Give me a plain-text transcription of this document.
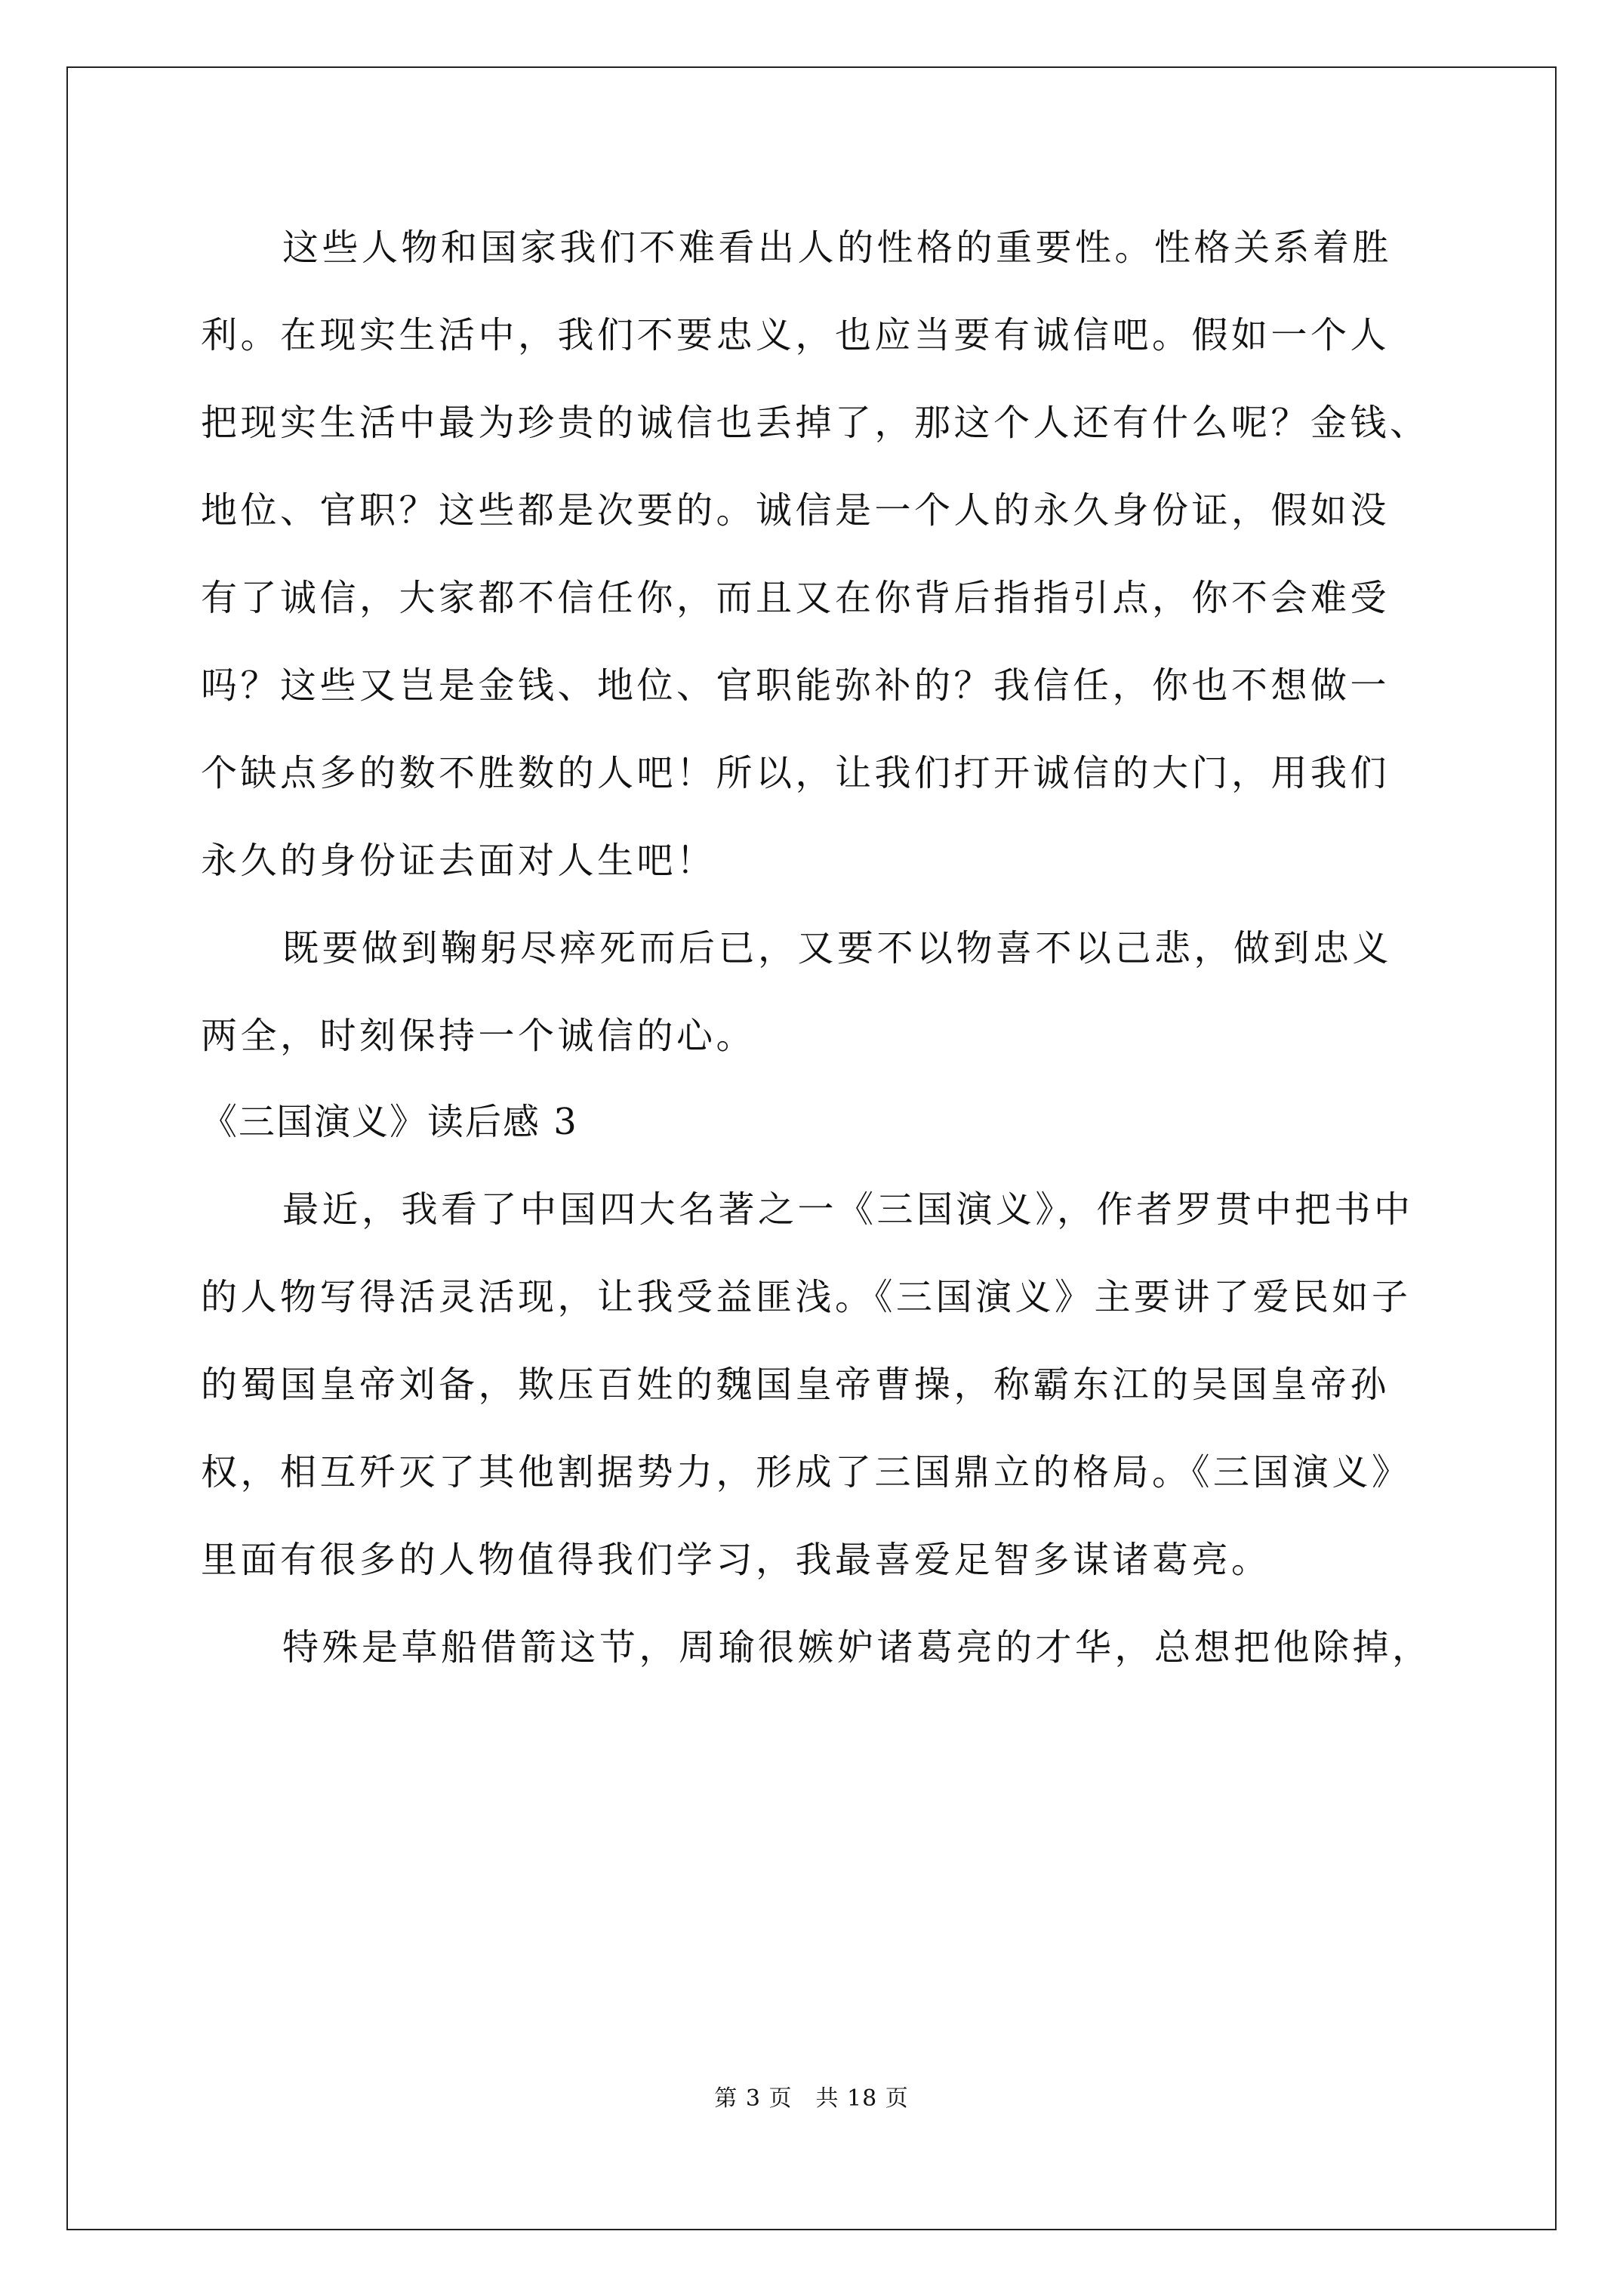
这些人物和国家我们不难看出人的性格的重要性。性格关系着胜
利。在现实生活中，我们不要忠义，也应当要有诚信吧。假如一个人
把现实生活中最为珍贵的诚信也丢掉了，那这个人还有什么呢？金钱、
地位、官职？这些都是次要的。诚信是一个人的永久身份证，假如没
有了诚信，大家都不信任你，而且又在你背后指指引点，你不会难受
吗？这些又岂是金钱、地位、官职能弥补的？我信任，你也不想做一
个缺点多的数不胜数的人吧！所以，让我们打开诚信的大门，用我们
永久的身份证去面对人生吧！
既要做到鞠躬尽瘁死而后已，又要不以物喜不以己悲，做到忠义
两全，时刻保持一个诚信的心。
《三国演义》读后感 3
最近，我看了中国四大名著之一《三国演义》，作者罗贯中把书中
的人物写得活灵活现，让我受益匪浅。《三国演义》主要讲了爱民如子
的蜀国皇帝刘备，欺压百姓的魏国皇帝曹操，称霸东江的吴国皇帝孙
权，相互歼灭了其他割据势力，形成了三国鼎立的格局。《三国演义》
里面有很多的人物值得我们学习，我最喜爱足智多谋诸葛亮。
特殊是草船借箭这节，周瑜很嫉妒诸葛亮的才华，总想把他除掉，
第 3 页　共 18 页
